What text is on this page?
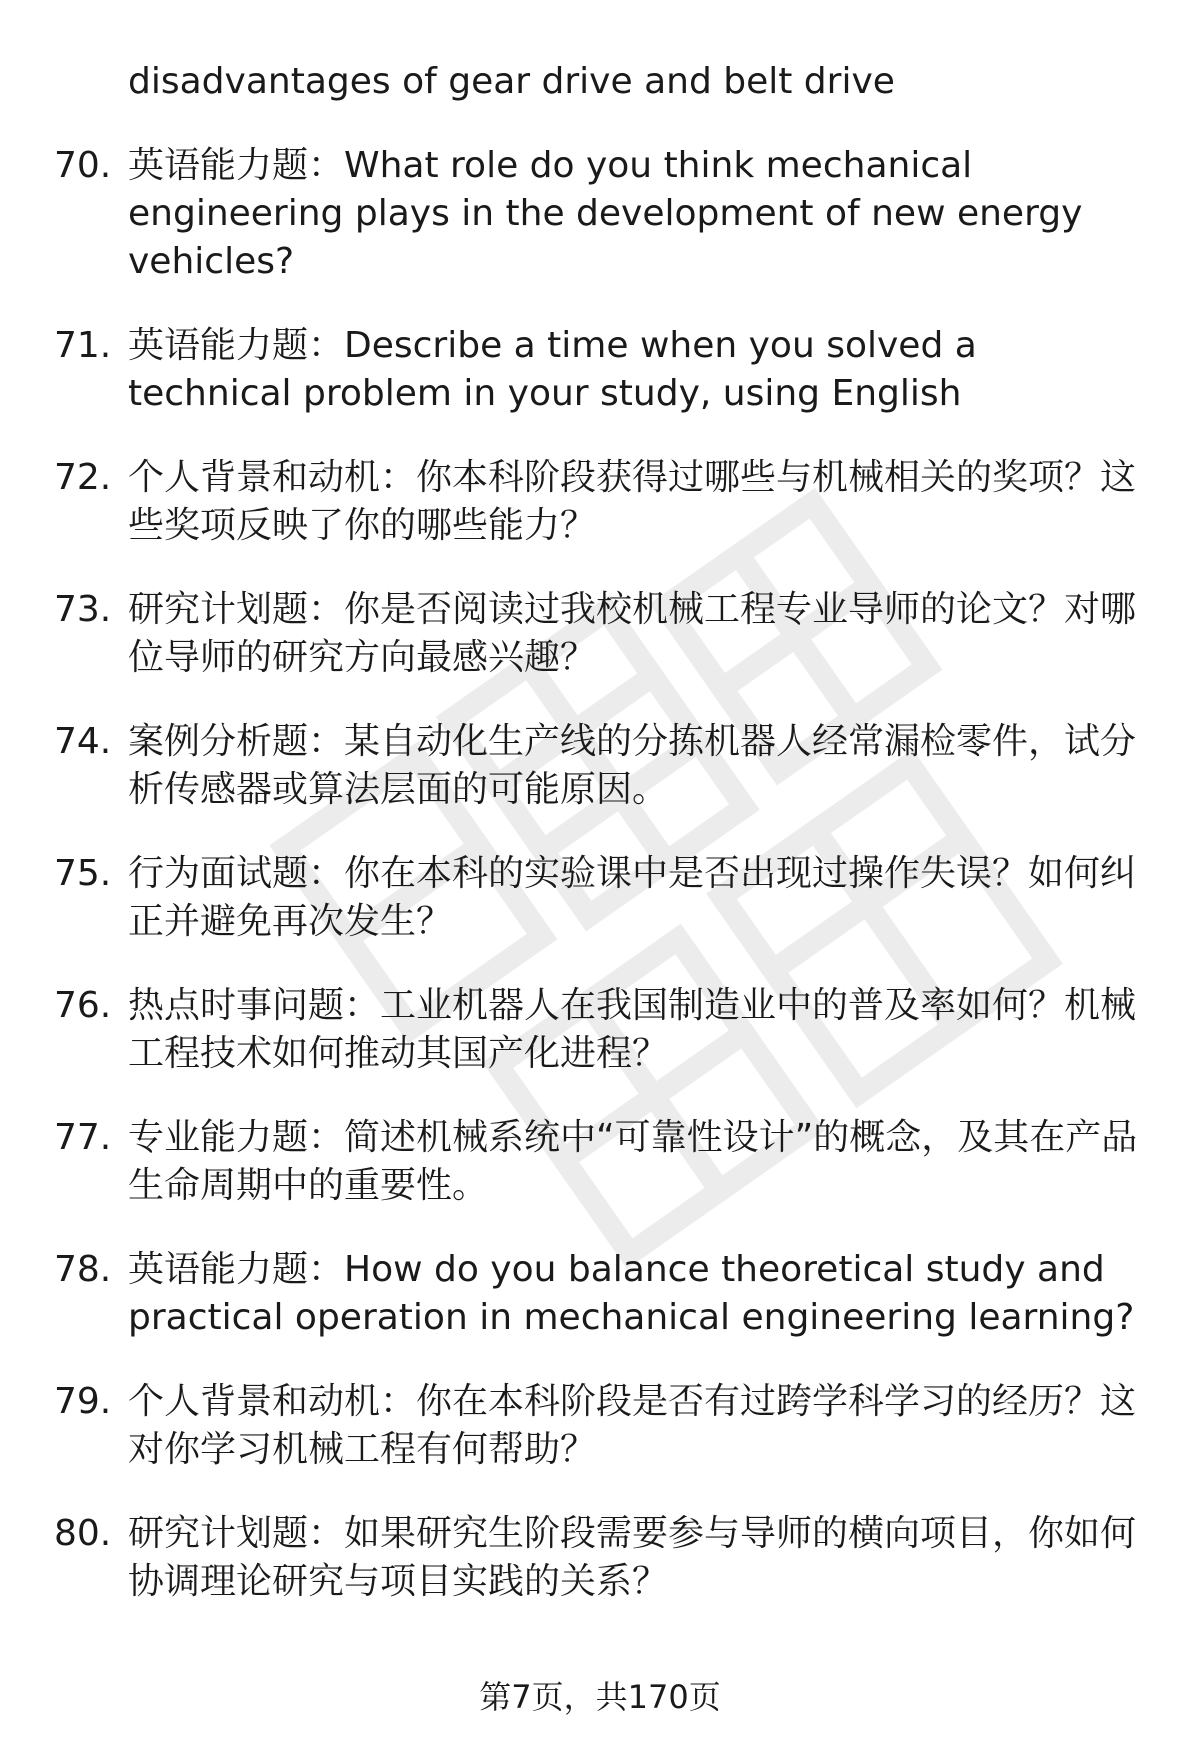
disadvantages of gear drive and belt drive
70. 英语能力题：What role do you think mechanical engineering plays in the development of new energy vehicles?
71. 英语能力题：Describe a time when you solved a technical problem in your study, using English
72. 个人背景和动机：你本科阶段获得过哪些与机械相关的奖项？这些奖项反映了你的哪些能力？
73. 研究计划题：你是否阅读过我校机械工程专业导师的论文？对哪位导师的研究方向最感兴趣？
74. 案例分析题：某自动化生产线的分拣机器人经常漏检零件，试分析传感器或算法层面的可能原因。
75. 行为面试题：你在本科的实验课中是否出现过操作失误？如何纠正并避免再次发生？
76. 热点时事问题：工业机器人在我国制造业中的普及率如何？机械工程技术如何推动其国产化进程？
77. 专业能力题：简述机械系统中“可靠性设计”的概念，及其在产品生命周期中的重要性。
78. 英语能力题：How do you balance theoretical study and practical operation in mechanical engineering learning?
79. 个人背景和动机：你在本科阶段是否有过跨学科学习的经历？这对你学习机械工程有何帮助？
80. 研究计划题：如果研究生阶段需要参与导师的横向项目，你如何协调理论研究与项目实践的关系？
第7页，共170页
